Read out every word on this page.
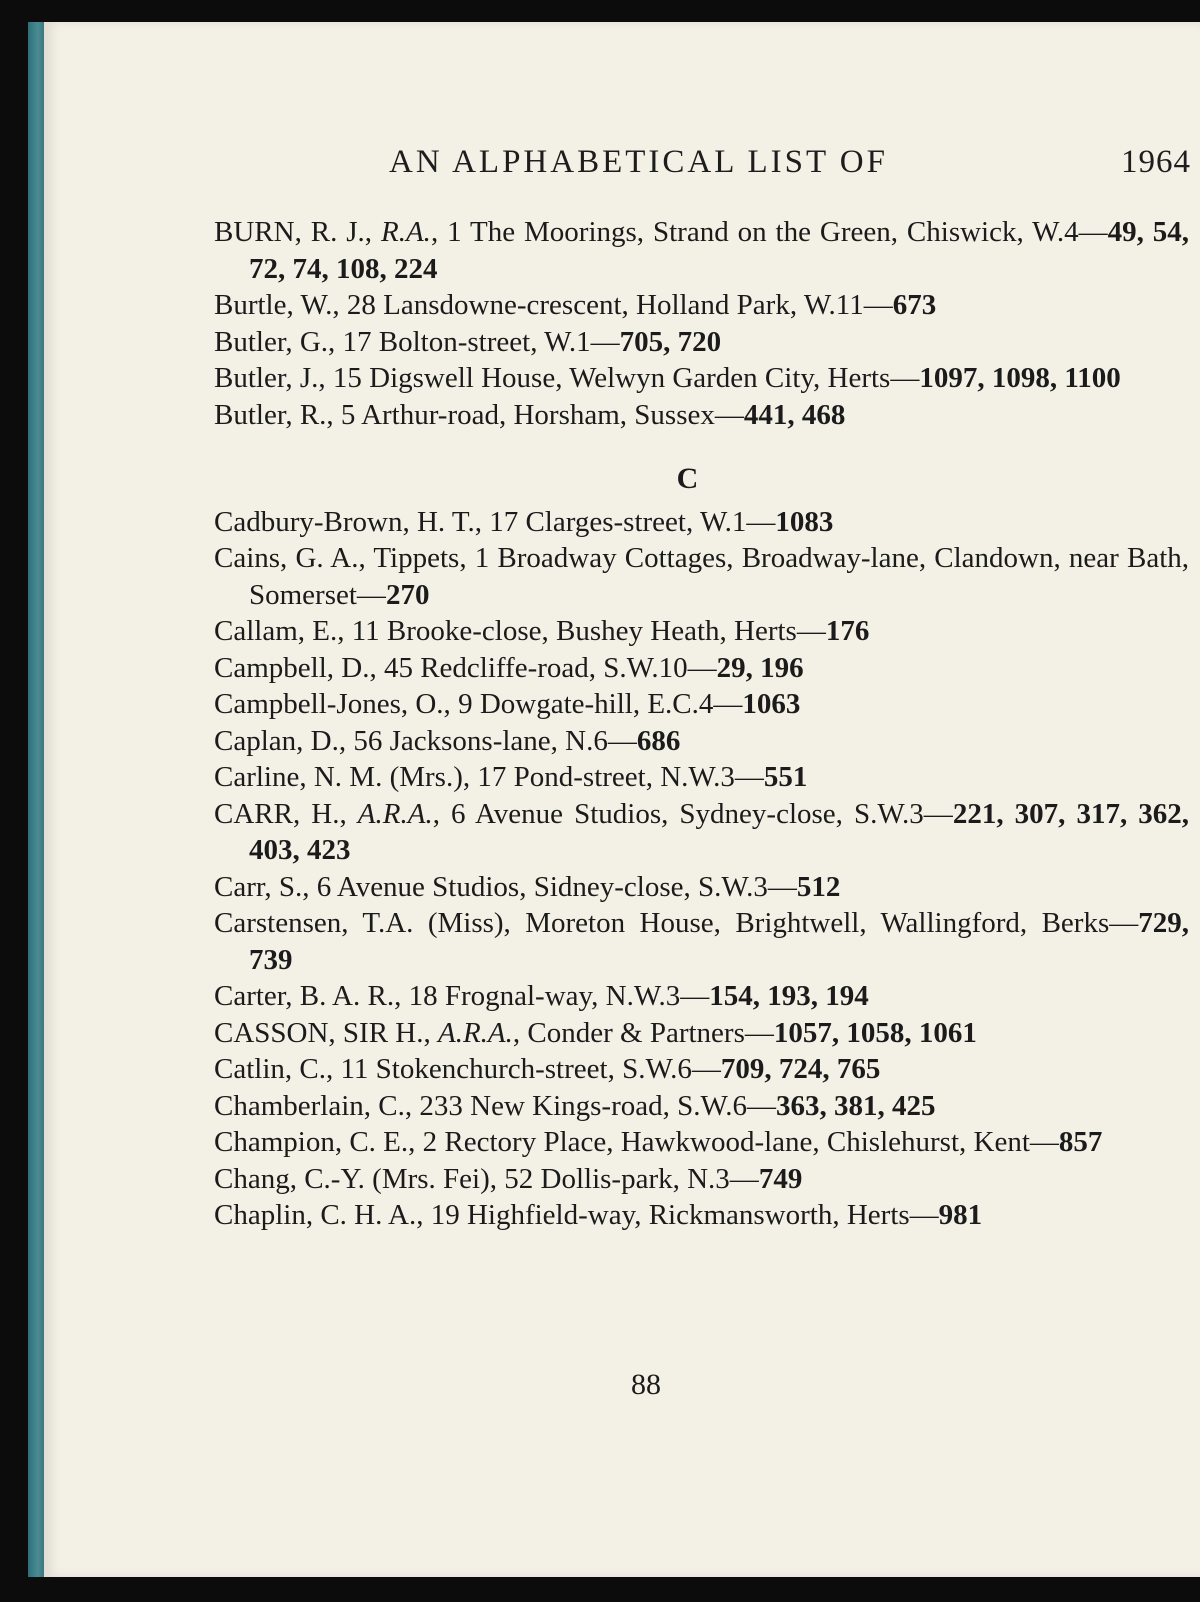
AN ALPHABETICAL LIST OF	1964
BURN, R. J., R.A., 1 The Moorings, Strand on the Green, Chiswick, W.4—49, 54, 72, 74, 108, 224
Burtle, W., 28 Lansdowne-crescent, Holland Park, W.11—673
Butler, G., 17 Bolton-street, W.1—705, 720
Butler, J., 15 Digswell House, Welwyn Garden City, Herts—1097, 1098, 1100
Butler, R., 5 Arthur-road, Horsham, Sussex—441, 468
C
Cadbury-Brown, H. T., 17 Clarges-street, W.1—1083
Cains, G. A., Tippets, 1 Broadway Cottages, Broadway-lane, Clandown, near Bath, Somerset—270
Callam, E., 11 Brooke-close, Bushey Heath, Herts—176
Campbell, D., 45 Redcliffe-road, S.W.10—29, 196
Campbell-Jones, O., 9 Dowgate-hill, E.C.4—1063
Caplan, D., 56 Jacksons-lane, N.6—686
Carline, N. M. (Mrs.), 17 Pond-street, N.W.3—551
CARR, H., A.R.A., 6 Avenue Studios, Sydney-close, S.W.3—221, 307, 317, 362, 403, 423
Carr, S., 6 Avenue Studios, Sidney-close, S.W.3—512
Carstensen, T.A. (Miss), Moreton House, Brightwell, Wallingford, Berks—729, 739
Carter, B. A. R., 18 Frognal-way, N.W.3—154, 193, 194
CASSON, SIR H., A.R.A., Conder & Partners—1057, 1058, 1061
Catlin, C., 11 Stokenchurch-street, S.W.6—709, 724, 765
Chamberlain, C., 233 New Kings-road, S.W.6—363, 381, 425
Champion, C. E., 2 Rectory Place, Hawkwood-lane, Chislehurst, Kent—857
Chang, C.-Y. (Mrs. Fei), 52 Dollis-park, N.3—749
Chaplin, C. H. A., 19 Highfield-way, Rickmansworth, Herts—981
88
